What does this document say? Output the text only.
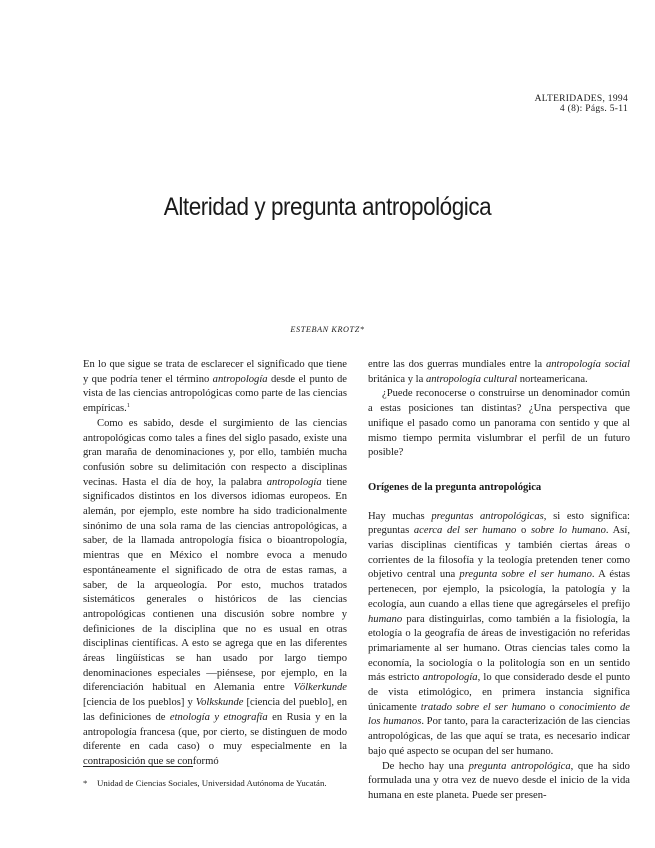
ALTERIDADES, 1994
4 (8): Págs. 5-11
Alteridad y pregunta antropológica
ESTEBAN KROTZ*

En lo que sigue se trata de esclarecer el significado que tiene y que podría tener el término antropología desde el punto de vista de las ciencias antropológicas como parte de las ciencias empíricas.$^1$

Como es sabido, desde el surgimiento de las ciencias antropológicas como tales a fines del siglo pasado, existe una gran maraña de denominaciones y, por ello, también mucha confusión sobre su delimitación con respecto a disciplinas vecinas. Hasta el día de hoy, la palabra antropología tiene significados distintos en los diversos idiomas europeos. En alemán, por ejemplo, este nombre ha sido tradicionalmente sinónimo de una sola rama de las ciencias antropológicas, a saber, de la llamada antropología física o bioantropología, mientras que en México el nombre evoca a menudo espontáneamente el significado de otra de estas ramas, a saber, de la arqueología. Por esto, muchos tratados sistemáticos generales o históricos de las ciencias antropológicas contienen una discusión sobre nombre y definiciones de la disciplina que no es usual en otras disciplinas científicas. A esto se agrega que en las diferentes áreas lingüísticas se han usado por largo tiempo denominaciones especiales —piénsese, por ejemplo, en la diferenciación habitual en Alemania entre Völkerkunde [ciencia de los pueblos] y Volkskunde [ciencia del pueblo], en las definiciones de etnología y etnografía en Rusia y en la antropología francesa (que, por cierto, se distinguen de modo diferente en cada caso) o muy especialmente en la contraposición que se conformó

entre las dos guerras mundiales entre la antropología social británica y la antropología cultural norteamericana.

¿Puede reconocerse o construirse un denominador común a estas posiciones tan distintas? ¿Una perspectiva que unifique el pasado como un panorama con sentido y que al mismo tiempo permita vislumbrar el perfil de un futuro posible?

Orígenes de la pregunta antropológica

Hay muchas preguntas antropológicas, si esto significa: preguntas acerca del ser humano o sobre lo humano. Así, varias disciplinas científicas y también ciertas áreas o corrientes de la filosofía y la teología pretenden tener como objetivo central una pregunta sobre el ser humano. A éstas pertenecen, por ejemplo, la psicología, la patología y la ecología, aun cuando a ellas tiene que agregárseles el prefijo humano para distinguirlas, como también a la fisiología, la etología o la geografía de áreas de investigación no referidas primariamente al ser humano. Otras ciencias tales como la economía, la sociología o la politología son en un sentido más estricto antropología, lo que considerado desde el punto de vista etimológico, en primera instancia significa únicamente tratado sobre el ser humano o conocimiento de los humanos. Por tanto, para la caracterización de las ciencias antropológicas, de las que aquí se trata, es necesario indicar bajo qué aspecto se ocupan del ser humano.

De hecho hay una pregunta antropológica, que ha sido formulada una y otra vez de nuevo desde el inicio de la vida humana en este planeta. Puede ser presen-

* Unidad de Ciencias Sociales, Universidad Autónoma de Yucatán.
